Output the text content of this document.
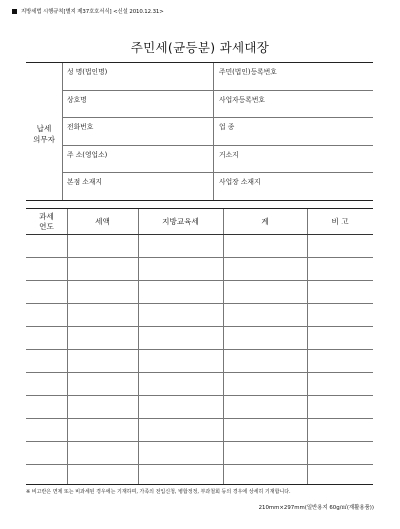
지방세법 시행규칙[별지 제37호호서식] <신설 2010.12.31>
주민세(균등분) 과세대장
납세
의무자
성 명(법인명)	주민(법인)등록번호
상호명	사업자등록번호
전화번호	업 종
주 소(영업소)	거소지
본점 소재지	사업장 소재지
과세
연도
세액	지방교육세	계	비 고
※ 비고란은 면제 또는 비과세된 경우에는 기재하며, 가족의 전입신청, 병합정정, 부과철회 등의 경우에 상세히 기재합니다.
210mm×297mm(일반용지 60g/㎡(재활용품))
